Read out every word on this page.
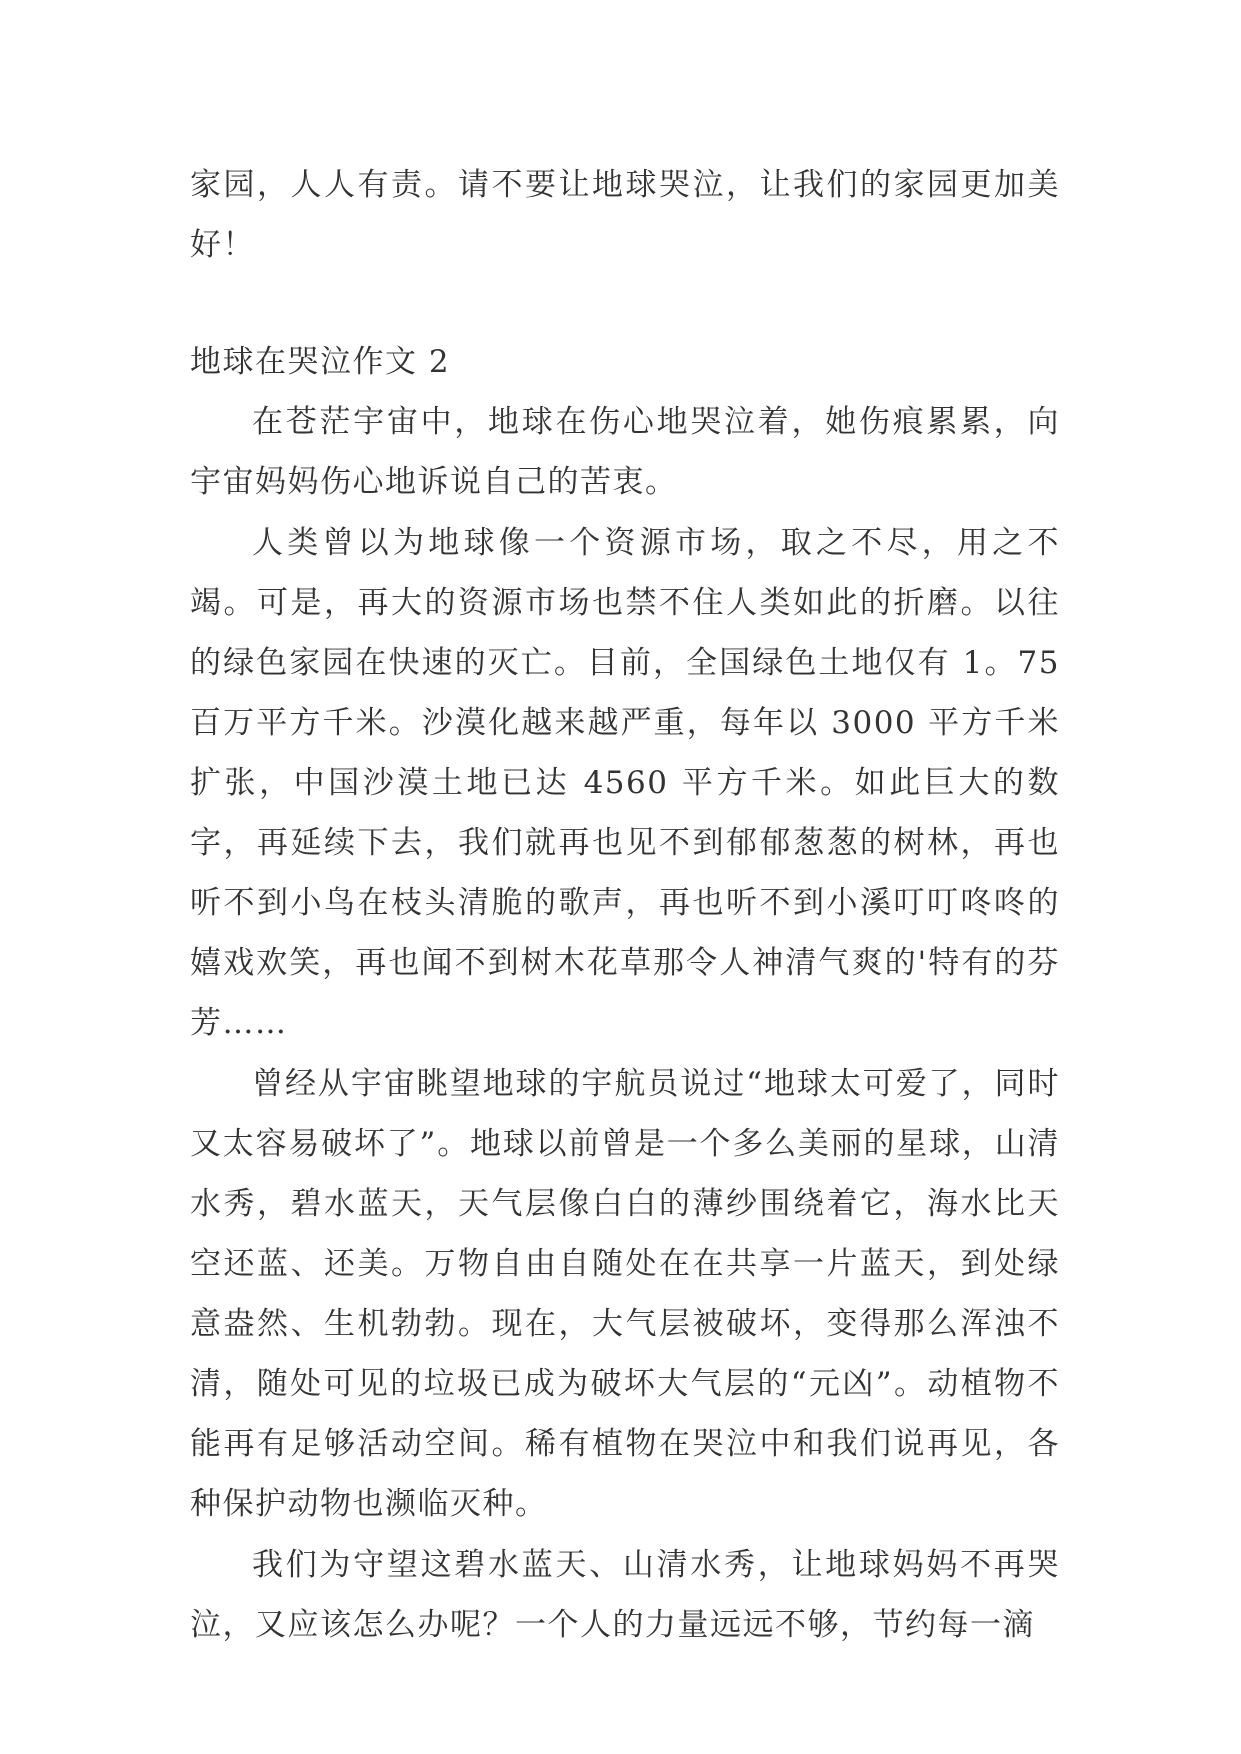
家园，人人有责。请不要让地球哭泣，让我们的家园更加美好！

地球在哭泣作文 2

在苍茫宇宙中，地球在伤心地哭泣着，她伤痕累累，向宇宙妈妈伤心地诉说自己的苦衷。

人类曾以为地球像一个资源市场，取之不尽，用之不竭。可是，再大的资源市场也禁不住人类如此的折磨。以往的绿色家园在快速的灭亡。目前，全国绿色土地仅有 1。75 百万平方千米。沙漠化越来越严重，每年以 3000 平方千米扩张，中国沙漠土地已达 4560 平方千米。如此巨大的数字，再延续下去，我们就再也见不到郁郁葱葱的树林，再也听不到小鸟在枝头清脆的歌声，再也听不到小溪叮叮咚咚的嬉戏欢笑，再也闻不到树木花草那令人神清气爽的'特有的芬芳……

曾经从宇宙眺望地球的宇航员说过“地球太可爱了，同时又太容易破坏了”。地球以前曾是一个多么美丽的星球，山清水秀，碧水蓝天，天气层像白白的薄纱围绕着它，海水比天空还蓝、还美。万物自由自随处在在共享一片蓝天，到处绿意盎然、生机勃勃。现在，大气层被破坏，变得那么浑浊不清，随处可见的垃圾已成为破坏大气层的“元凶”。动植物不能再有足够活动空间。稀有植物在哭泣中和我们说再见，各种保护动物也濒临灭种。

我们为守望这碧水蓝天、山清水秀，让地球妈妈不再哭泣，又应该怎么办呢？一个人的力量远远不够，节约每一滴
